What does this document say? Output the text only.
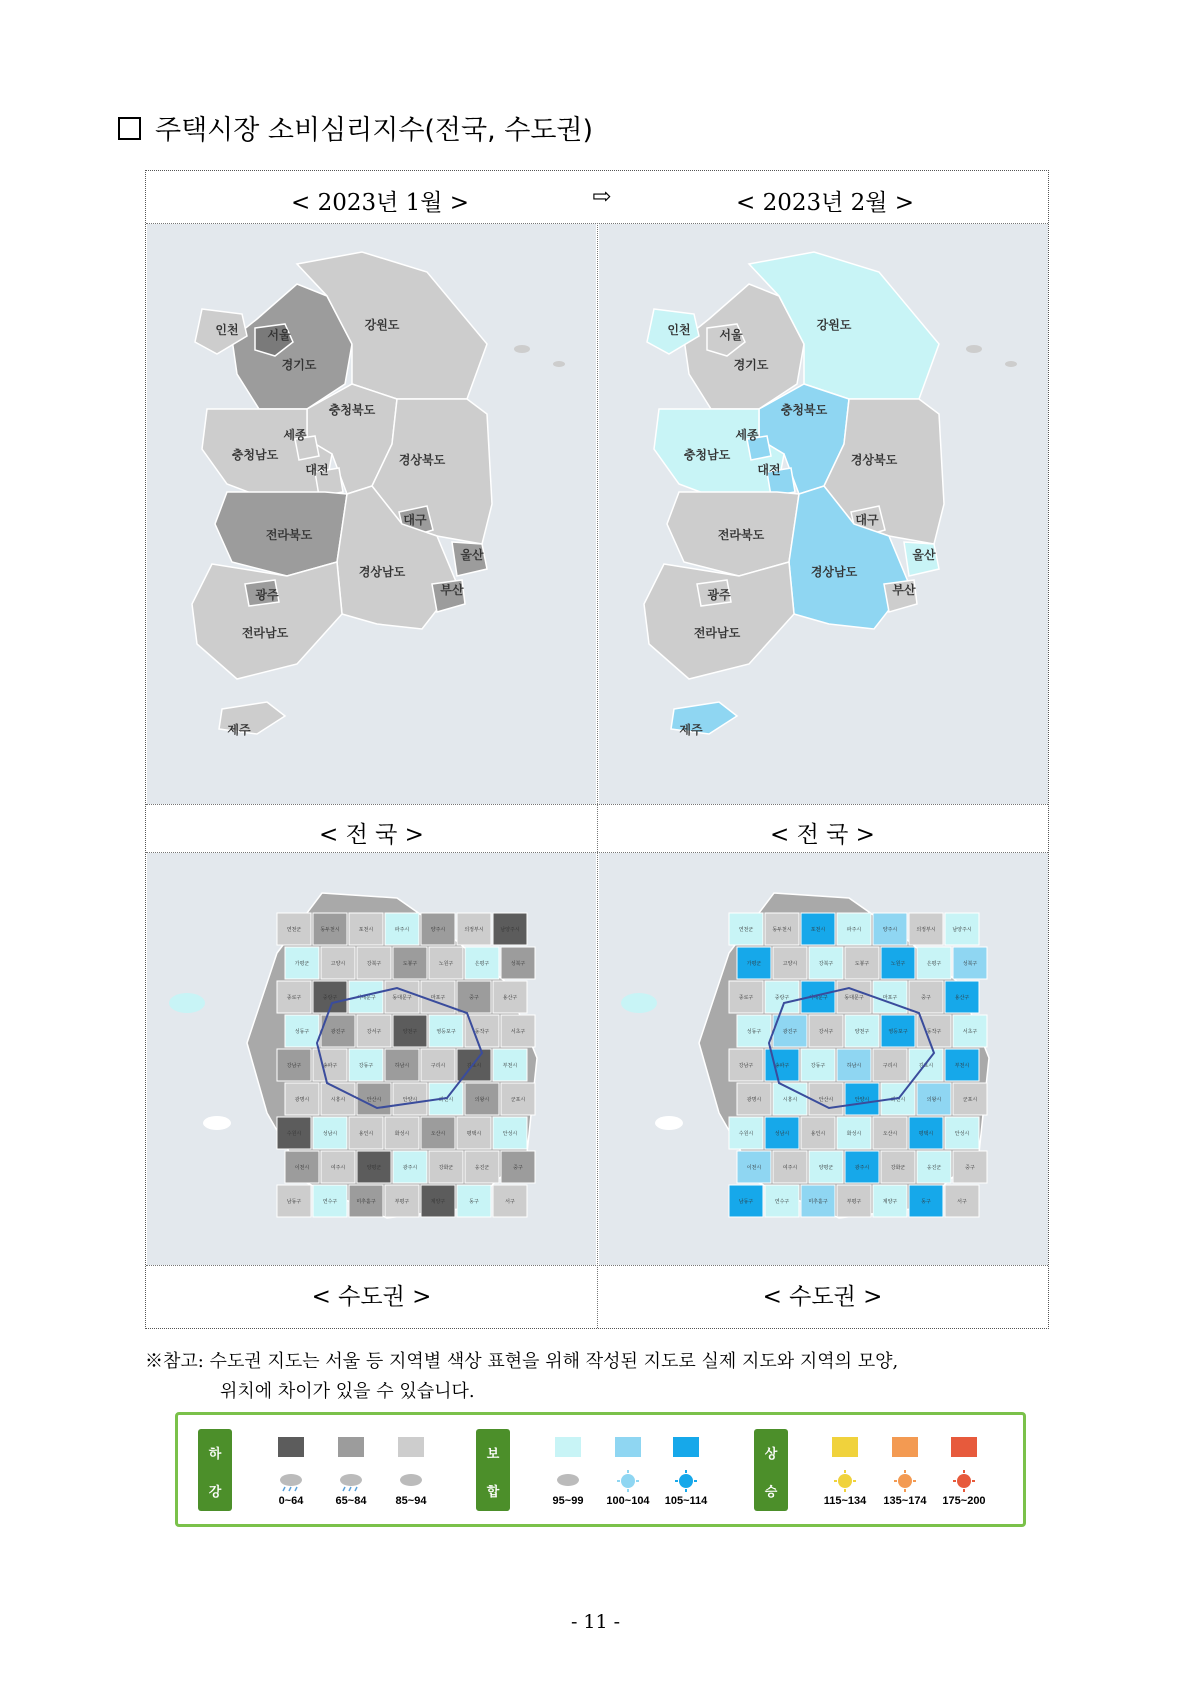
주택시장 소비심리지수(전국, 수도권)
< 2023년 1월 >	⇨	< 2023년 2월 >
인천 서울
강원도
경기도
충청북도
세종
충청남도
대전
경상북도
전라북도
대구
울산
경상남도
부산
광주
전라남도
제주
인천 서울
강원도
경기도
충청북도
세종
충청남도
대전
경상북도
전라북도
대구
울산
경상남도
부산
광주
전라남도
제주
< 전 국 >	< 전 국 >
연천군	동두천시	포천시	파주시	양주시	의정부시	남양주시
가평군	고양시	강북구	도봉구	노원구	은평구	성북구
종로구	중랑구	서대문구	동대문구	마포구	중구	용산구
성동구	광진구	강서구	양천구	영등포구	동작구	서초구
강남구	송파구	강동구	하남시	구리시	김포시	부천시
광명시	시흥시	안산시	안양시	과천시	의왕시	군포시
수원시	성남시	용인시	화성시	오산시	평택시	안성시
이천시	여주시	양평군	광주시	강화군	옹진군	중구
남동구	연수구	미추홀구	부평구	계양구	동구	서구
연천군	동두천시	포천시	파주시	양주시	의정부시	남양주시
가평군	고양시	강북구	도봉구	노원구	은평구	성북구
종로구	중랑구	서대문구	동대문구	마포구	중구	용산구
성동구	광진구	강서구	양천구	영등포구	동작구	서초구
강남구	송파구	강동구	하남시	구리시	김포시	부천시
광명시	시흥시	안산시	안양시	과천시	의왕시	군포시
수원시	성남시	용인시	화성시	오산시	평택시	안성시
이천시	여주시	양평군	광주시	강화군	옹진군	중구
남동구	연수구	미추홀구	부평구	계양구	동구	서구
< 수도권 >	< 수도권 >
※참고: 수도권 지도는 서울 등 지역별 색상 표현을 위해 작성된 지도로 실제 지도와 지역의 모양,
위치에 차이가 있을 수 있습니다.
하
강
보
합
상
승
0~64	65~84	85~94	95~99	100~104	105~114	115~134	135~174	175~200
- 11 -
